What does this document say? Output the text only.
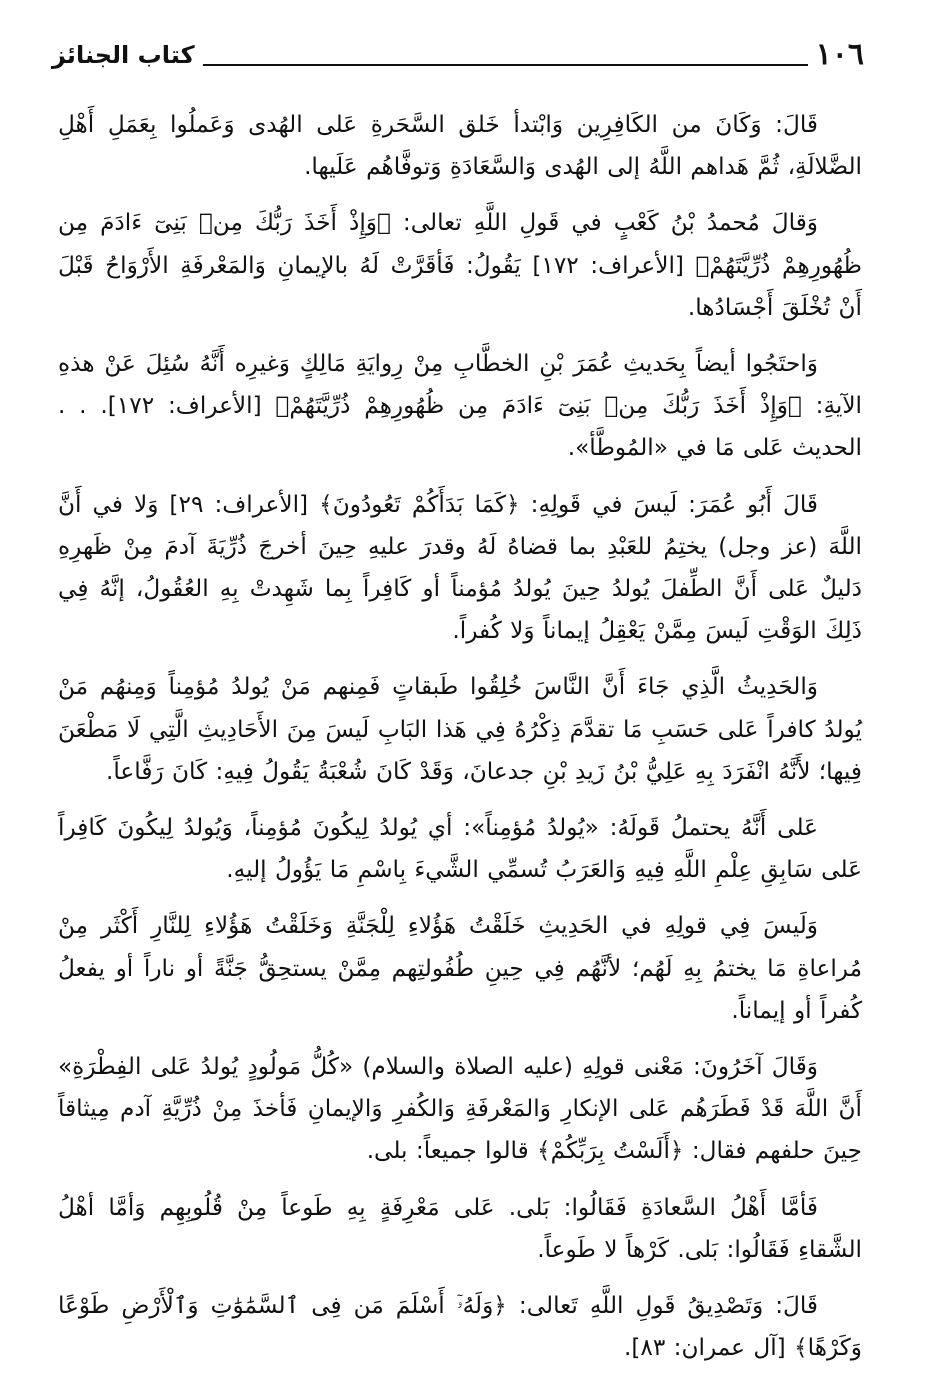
١٠٦
كتاب الجنائز

قَالَ: وَكَانَ من الكَافِرِين وَابْتدأ خَلق السَّحَرةِ عَلى الهُدى وَعَملُوا بِعَمَلِ أَهْلِ الضَّلالَةِ، ثُمَّ هَداهم اللَّهُ إلى الهُدى وَالسَّعَادَةِ وَتوفَّاهُم عَلَيها.

وَقالَ مُحمدُ بْنُ كَعْبٍ في قَولِ اللَّهِ تعالى: ﴿وَإِذْ أَخَذَ رَبُّكَ مِنۢ بَنِىٓ ءَادَمَ مِن ظُهُورِهِمْ ذُرِّيَّتَهُمْ﴾ [الأعراف: ١٧٢] يَقُولُ: فَأقَرَّتْ لَهُ بالإيمانِ وَالمَعْرفَةِ الأَرْوَاحُ قَبْلَ أَنْ تُخْلَقَ أَجْسَادُها.

وَاحتَجُوا أيضاً بِحَديثِ عُمَرَ بْنِ الخطَّابِ مِنْ رِوايَةِ مَالِكٍ وَغيرِه أَنَّهُ سُئِلَ عَنْ هذهِ الآيةِ: ﴿وَإِذْ أَخَذَ رَبُّكَ مِنۢ بَنِىٓ ءَادَمَ مِن ظُهُورِهِمْ ذُرِّيَّتَهُمْ﴾ [الأعراف: ١٧٢]. . . الحديث عَلى مَا في «المُوطَّأ».

قَالَ أَبُو عُمَرَ: لَيسَ في قَولِهِ: ﴿كَمَا بَدَأَكُمْ تَعُودُونَ﴾ [الأعراف: ٢٩] وَلا في أَنَّ اللَّهَ (عز وجل) يختِمُ للعَبْدِ بما قضاهُ لَهُ وقدرَ عليهِ حِينَ أخرجَ ذُرِّيَةَ آدمَ مِنْ ظَهرِهِ دَليلٌ عَلى أَنَّ الطِّفلَ يُولدُ حِينَ يُولدُ مُؤمناً أو كَافِراً بِما شَهِدتْ بِهِ العُقُولُ، إنَّهُ فِي ذَلِكَ الوَقْتِ لَيسَ مِمَّنْ يَعْقِلُ إيماناً وَلا كُفراً.

وَالحَدِيثُ الَّذِي جَاءَ أَنَّ النَّاسَ خُلِقُوا طَبقاتٍ فَمِنهم مَنْ يُولدُ مُؤمِناً وَمِنهُم مَنْ يُولدُ كافراً عَلى حَسَبِ مَا تقدَّمَ ذِكْرُهُ فِي هَذا البَابِ لَيسَ مِنَ الأَحَادِيثِ الَّتِي لَا مَطْعَنَ فِيها؛ لأَنَّهُ انْفَرَدَ بِهِ عَلِيُّ بْنُ زَيدِ بْنِ جدعانَ، وَقَدْ كَانَ شُعْبَةُ يَقُولُ فِيهِ: كَانَ رَفَّاعاً.

عَلى أَنَّهُ يحتملُ قَولَهُ: «يُولدُ مُؤمِناً»: أي يُولدُ لِيكُونَ مُؤمِناً، وَيُولدُ لِيكُونَ كَافِراً عَلى سَابِقِ عِلْمِ اللَّهِ فِيهِ وَالعَرَبُ تُسمِّي الشَّيءَ بِاسْمِ مَا يَؤُولُ إليهِ.

وَلَيسَ فِي قولِهِ في الحَدِيثِ خَلَقْتُ هَؤُلاءِ لِلْجَنَّةِ وَخَلَقْتُ هَؤُلاءِ لِلنَّارِ أَكْثَر مِنْ مُراعاةِ مَا يختمُ بِهِ لَهُم؛ لأنَّهُم فِي حِينِ طُفُولتِهم مِمَّنْ يستحِقُّ جَنَّةً أو ناراً أو يفعلُ كُفراً أو إيماناً.

وَقَالَ آخَرُونَ: مَعْنى قولِهِ (عليه الصلاة والسلام) «كُلُّ مَولُودٍ يُولدُ عَلى الفِطْرَةِ» أَنَّ اللَّهَ قَدْ فَطَرَهُم عَلى الإنكارِ وَالمَعْرفَةِ وَالكُفرِ وَالإيمانِ فَأخذَ مِنْ ذُرِّيَّةِ آدم مِيثاقاً حِينَ حلفهم فقال: ﴿أَلَسْتُ بِرَبِّكُمْ﴾ قالوا جميعاً: بلى.

فَأمَّا أَهْلُ السَّعادَةِ فَقَالُوا: بَلى. عَلى مَعْرِفَةٍ بِهِ طَوعاً مِنْ قُلُوبِهِم وَأمَّا أهْلُ الشَّقاءِ فَقَالُوا: بَلى. كَرْهاً لا طَوعاً.

قَالَ: وَتَصْدِيقُ قَولِ اللَّهِ تَعالى: ﴿وَلَهُۥٓ أَسْلَمَ مَن فِى ٱلسَّمَٰوَٰتِ وَٱلْأَرْضِ طَوْعًا وَكَرْهًا﴾ [آل عمران: ٨٣].
